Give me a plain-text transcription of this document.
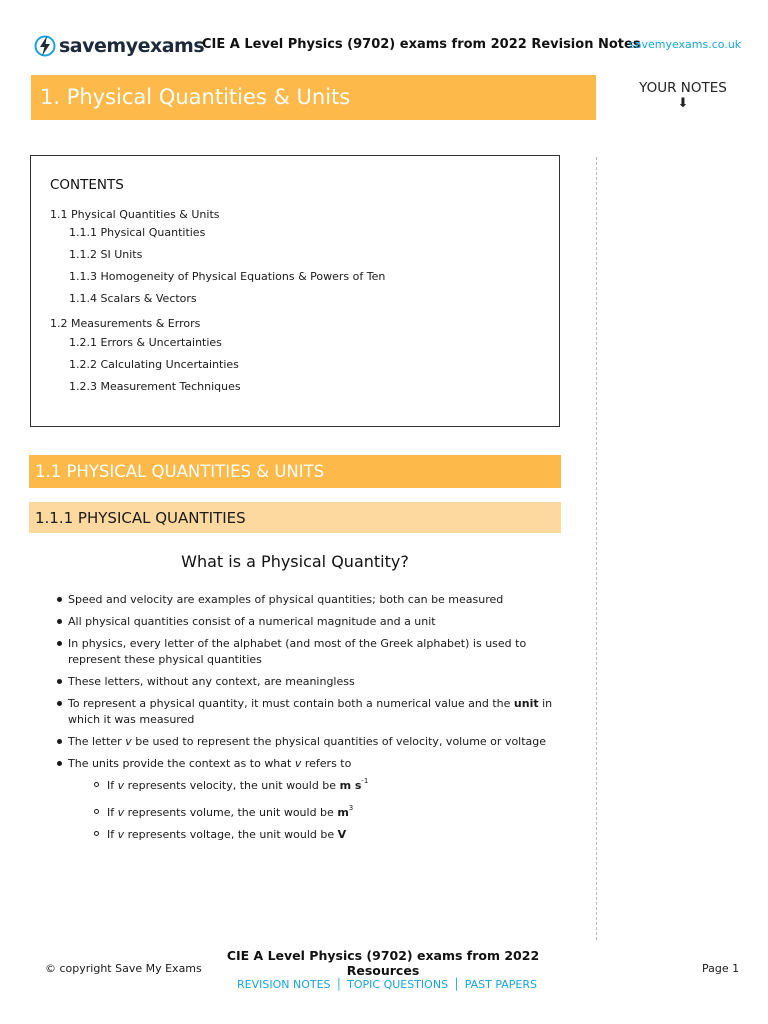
savemyexams
CIE A Level Physics (9702) exams from 2022 Revision Notes
savemyexams.co.uk
1. Physical Quantities & Units	YOUR NOTES
⬇
CONTENTS
1.1 Physical Quantities & Units
1.1.1 Physical Quantities
1.1.2 SI Units
1.1.3 Homogeneity of Physical Equations & Powers of Ten
1.1.4 Scalars & Vectors
1.2 Measurements & Errors
1.2.1 Errors & Uncertainties
1.2.2 Calculating Uncertainties
1.2.3 Measurement Techniques
1.1 PHYSICAL QUANTITIES & UNITS
1.1.1 PHYSICAL QUANTITIES
What is a Physical Quantity?
Speed and velocity are examples of physical quantities; both can be measured
All physical quantities consist of a numerical magnitude and a unit
In physics, every letter of the alphabet (and most of the Greek alphabet) is used to represent these physical quantities
These letters, without any context, are meaningless
To represent a physical quantity, it must contain both a numerical value and the unit in which it was measured
The letter v be used to represent the physical quantities of velocity, volume or voltage
The units provide the context as to what v refers to
If v represents velocity, the unit would be m $s^{-1}$
If v represents volume, the unit would be $m^3$
If v represents voltage, the unit would be V
© copyright Save My Exams
CIE A Level Physics (9702) exams from 2022 Resources
REVISION NOTES │ TOPIC QUESTIONS │ PAST PAPERS
Page 1
